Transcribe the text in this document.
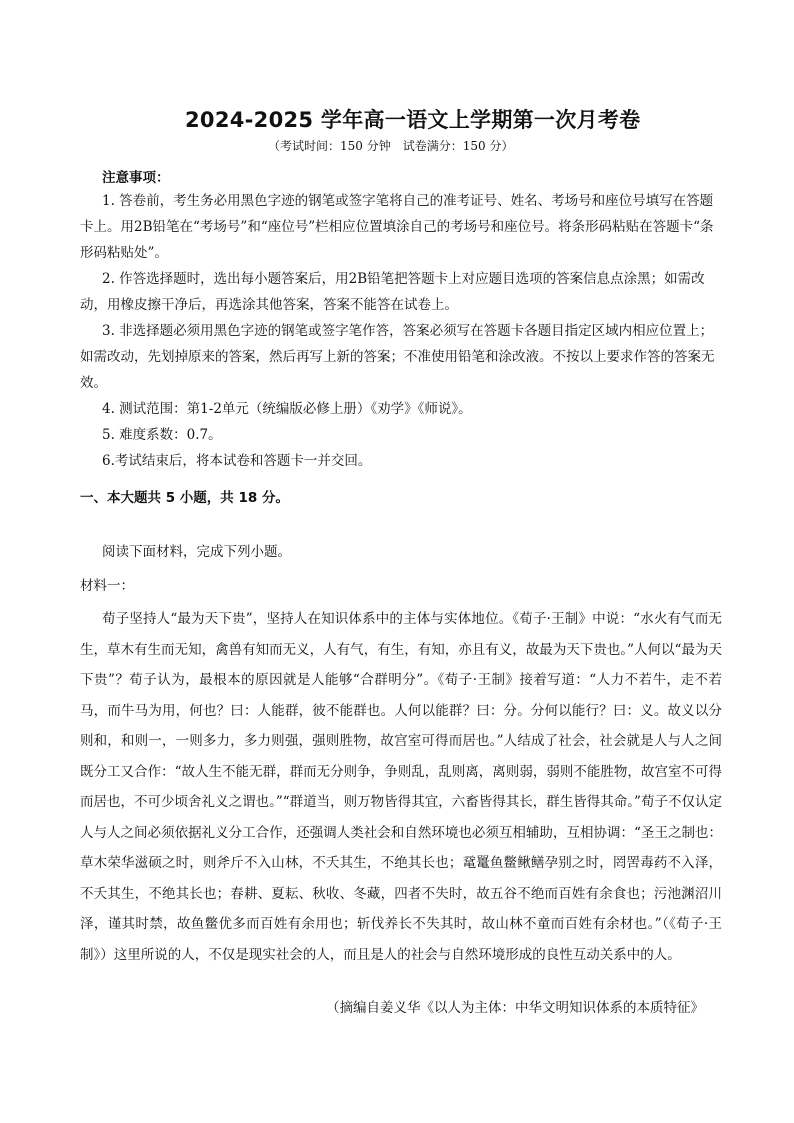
2024-2025 学年高一语文上学期第一次月考卷
（考试时间：150 分钟　试卷满分：150 分）
注意事项：
1. 答卷前，考生务必用黑色字迹的钢笔或签字笔将自己的准考证号、姓名、考场号和座位号填写在答题卡上。用2B铅笔在“考场号”和“座位号”栏相应位置填涂自己的考场号和座位号。将条形码粘贴在答题卡“条形码粘贴处”。
2. 作答选择题时，选出每小题答案后，用2B铅笔把答题卡上对应题目选项的答案信息点涂黑；如需改动，用橡皮擦干净后，再选涂其他答案，答案不能答在试卷上。
3. 非选择题必须用黑色字迹的钢笔或签字笔作答，答案必须写在答题卡各题目指定区域内相应位置上；如需改动，先划掉原来的答案，然后再写上新的答案；不准使用铅笔和涂改液。不按以上要求作答的答案无效。
4. 测试范围：第1-2单元（统编版必修上册）《劝学》《师说》。
5. 难度系数：0.7。
6.考试结束后，将本试卷和答题卡一并交回。
一、本大题共 5 小题，共 18 分。
阅读下面材料，完成下列小题。
材料一：
荀子坚持人“最为天下贵”，坚持人在知识体系中的主体与实体地位。《荀子·王制》中说：“水火有气而无生，草木有生而无知，禽兽有知而无义，人有气，有生，有知，亦且有义，故最为天下贵也。”人何以“最为天下贵”？荀子认为，最根本的原因就是人能够“合群明分”。《荀子·王制》接着写道：“人力不若牛，走不若马，而牛马为用，何也？曰：人能群，彼不能群也。人何以能群？曰：分。分何以能行？曰：义。故义以分则和，和则一，一则多力，多力则强，强则胜物，故宫室可得而居也。”人结成了社会，社会就是人与人之间既分工又合作：“故人生不能无群，群而无分则争，争则乱，乱则离，离则弱，弱则不能胜物，故宫室不可得而居也，不可少顷舍礼义之谓也。”“群道当，则万物皆得其宜，六畜皆得其长，群生皆得其命。”荀子不仅认定人与人之间必须依据礼义分工合作，还强调人类社会和自然环境也必须互相辅助，互相协调：“圣王之制也：草木荣华滋硕之时，则斧斤不入山林，不夭其生，不绝其长也；鼋鼍鱼鳖鳅鳝孕别之时，罔罟毒药不入泽，不夭其生，不绝其长也；春耕、夏耘、秋收、冬藏，四者不失时，故五谷不绝而百姓有余食也；污池渊沼川泽，谨其时禁，故鱼鳖优多而百姓有余用也；斩伐养长不失其时，故山林不童而百姓有余材也。”（《荀子·王制》）这里所说的人，不仅是现实社会的人，而且是人的社会与自然环境形成的良性互动关系中的人。
（摘编自姜义华《以人为主体：中华文明知识体系的本质特征》
